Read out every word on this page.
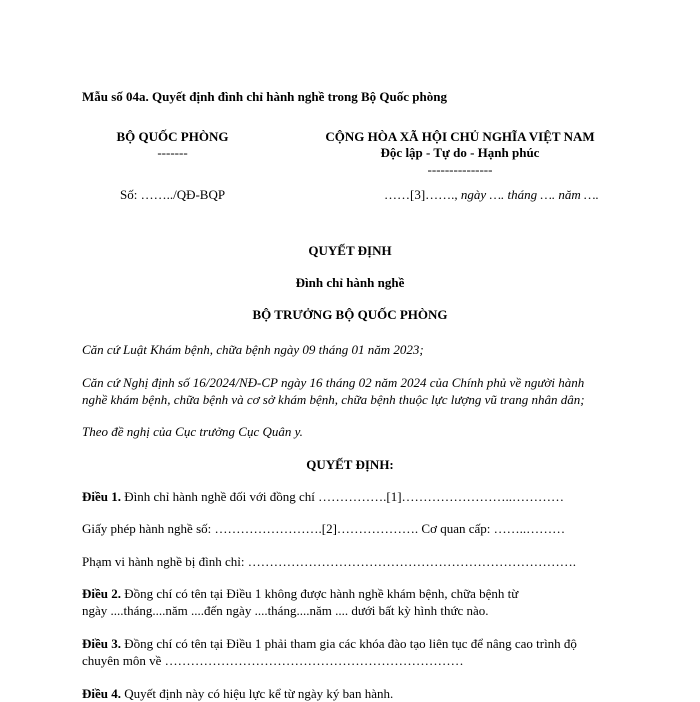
Mẫu số 04a. Quyết định đình chỉ hành nghề trong Bộ Quốc phòng
BỘ QUỐC PHÒNG
-------
CỘNG HÒA XÃ HỘI CHỦ NGHĨA VIỆT NAM
Độc lập - Tự do - Hạnh phúc
---------------
Số: ……../QĐ-BQP	……[3]……., ngày …. tháng …. năm ….
QUYẾT ĐỊNH
Đình chỉ hành nghề
BỘ TRƯỞNG BỘ QUỐC PHÒNG
Căn cứ Luật Khám bệnh, chữa bệnh ngày 09 tháng 01 năm 2023;
Căn cứ Nghị định số 16/2024/NĐ-CP ngày 16 tháng 02 năm 2024 của Chính phủ về người hành
nghề khám bệnh, chữa bệnh và cơ sở khám bệnh, chữa bệnh thuộc lực lượng vũ trang nhân dân;
Theo đề nghị của Cục trưởng Cục Quân y.
QUYẾT ĐỊNH:
Điều 1. Đình chỉ hành nghề đối với đồng chí …………….[1]……………………..…………
Giấy phép hành nghề số: …………………….[2]………………. Cơ quan cấp: ……..………
Phạm vi hành nghề bị đình chỉ: ………………………………………………………………….
Điều 2. Đồng chí có tên tại Điều 1 không được hành nghề khám bệnh, chữa bệnh từ
ngày ....tháng....năm ....đến ngày ....tháng....năm .... dưới bất kỳ hình thức nào.
Điều 3. Đồng chí có tên tại Điều 1 phải tham gia các khóa đào tạo liên tục để nâng cao trình độ
chuyên môn về ……………………………………………………………
Điều 4. Quyết định này có hiệu lực kể từ ngày ký ban hành.
